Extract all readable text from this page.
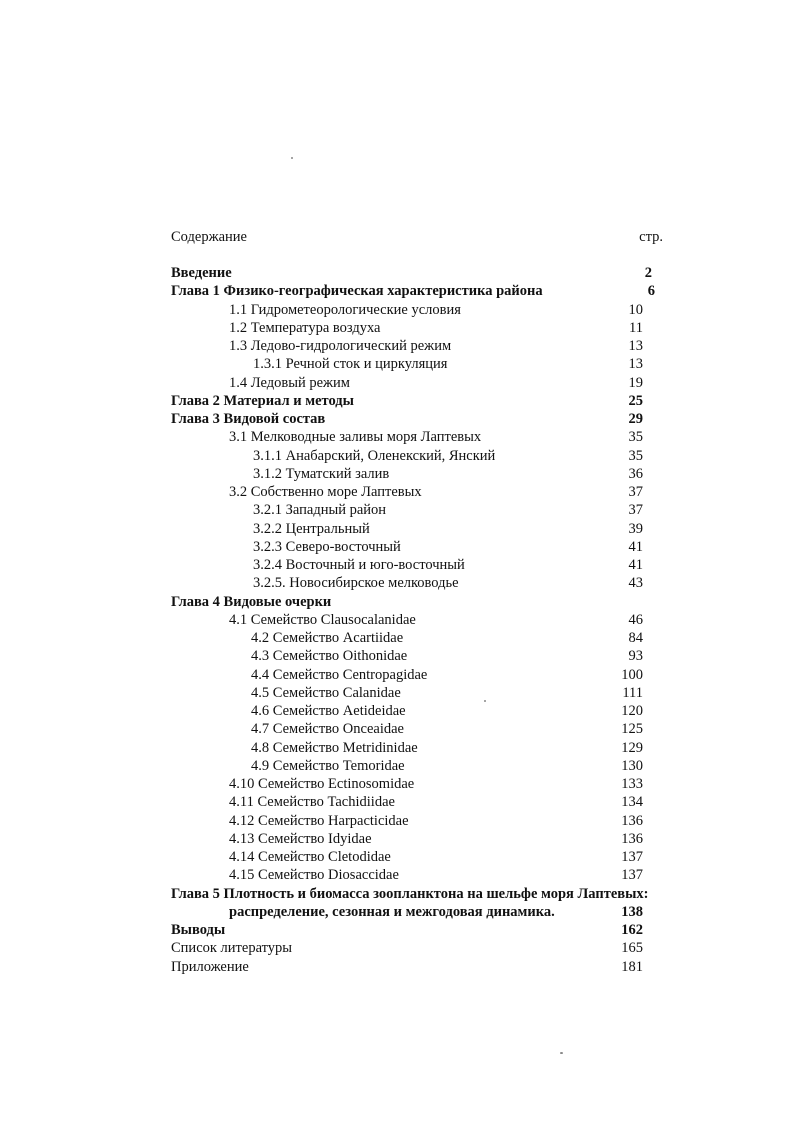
Содержание	стр.
Введение	2
Глава 1 Физико-географическая характеристика района	6
1.1 Гидрометеорологические условия	10
1.2 Температура воздуха	11
1.3 Ледово-гидрологический режим	13
1.3.1 Речной сток и циркуляция	13
1.4 Ледовый режим	19
Глава 2 Материал и методы	25
Глава 3 Видовой состав	29
3.1 Мелководные заливы моря Лаптевых	35
3.1.1 Анабарский, Оленекский, Янский	35
3.1.2 Туматский залив	36
3.2 Собственно море Лаптевых	37
3.2.1 Западный район	37
3.2.2 Центральный	39
3.2.3 Северо-восточный	41
3.2.4 Восточный и юго-восточный	41
3.2.5. Новосибирское мелководье	43
Глава 4 Видовые очерки
4.1 Семейство Clausocalanidae	46
4.2 Семейство Acartiidae	84
4.3 Семейство Oithonidae	93
4.4 Семейство Centropagidae	100
4.5 Семейство Calanidae	111
4.6 Семейство Aetideidae	120
4.7 Семейство Onceaidae	125
4.8 Семейство Metridinidae	129
4.9 Семейство Temoridae	130
4.10 Семейство Ectinosomidae	133
4.11 Семейство Tachidiidae	134
4.12 Семейство Harpacticidae	136
4.13 Семейство Idyidae	136
4.14 Семейство Cletodidae	137
4.15 Семейство Diosaccidae	137
Глава 5 Плотность и биомасса зоопланктона на шельфе моря Лаптевых: распределение, сезонная и межгодовая динамика.	138
Выводы	162
Список литературы	165
Приложение	181
